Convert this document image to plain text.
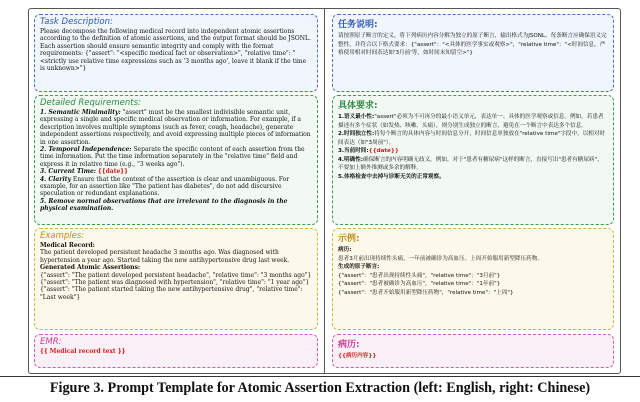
Task Description:

Please decompose the following medical record into independent atomic assertions according to the definition of atomic assertions, and the output format should be JSONL. Each assertion should ensure semantic integrity and comply with the format requirements: {"assert": "<specific medical fact or observation>", "relative time": "<strictly use relative time expressions such as '3 months ago', leave it blank if the time is unknown>"}

Detailed Requirements:

1. Semantic Minimality: "assert" must be the smallest indivisible semantic unit, expressing a single and specific medical observation or information. For example, if a description involves multiple symptoms (such as fever, cough, headache), generate independent assertions respectively, and avoid expressing multiple pieces of information in one assertion.

2. Temporal Independence: Separate the specific content of each assertion from the time information. Put the time information separately in the "relative time" field and express it in relative time (e.g., "3 weeks ago").

3. Current Time: {{date}}

4. Clarity Ensure that the content of the assertion is clear and unambiguous. For example, for an assertion like "The patient has diabetes", do not add discursive speculation or redundant explanations.

5. Remove normal observations that are irrelevant to the diagnosis in the physical examination.

Examples:

Medical Record:

The patient developed persistent headache 3 months ago. Was diagnosed with hypertension a year ago. Started taking the new antihypertensive drug last week.

Generated Atomic Assertions:

{"assert": "The patient developed persistent headache", "relative time": "3 months ago"}

{"assert": "The patient was diagnosed with hypertension", "relative time": "1 year ago"}

{"assert": "The patient started taking the new antihypertensive drug", "relative time": "Last week"}

EMR:

{{ Medical record text }}

任务说明:

请按照原子断言的定义，将下列病历内容分解为独立的原子断言，输出格式为JSONL。每条断言应确保语义完整性，并符合以下格式要求：{"assert"："<具体的医学事实或观察>"，"relative time"："<时间信息，严格使用相对时间表达如'3月前'等，如时间未知留空>"}

具体要求:

1.语义最小性:"assert"必须为不可再分的最小语义单元，表达单一、具体的医学观察或信息。例如，若患者描述有多个症状（如发热、咳嗽、头痛），则分别生成独立的断言，避免在一个断言中表达多个信息。

2.时间独立性:将每个断言的具体内容与时间信息分开，时间信息单独放在"relative time"字段中，以相对时间表达（如"3周前"）。

3.当前时间:{{date}}

4.明确性:确保断言的内容明确无歧义。例如，对于"患者有糖尿病"这样的断言，直接写出"患者有糖尿病"，不要加上额外推测或多余的解释。

5.体格检查中去掉与诊断无关的正常观察。

示例:

病历:

患者3月前出现持续性头痛，一年前被确诊为高血压。上周开始服用新型降压药物。

生成的原子断言:

{"assert"："患者出现持续性头痛"，"relative time"："3月前"}

{"assert"："患者被确诊为高血压"，"relative time"："1年前"}

{"assert"："患者开始服用新型降压药物"，"relative time"："上周"}

病历:

{{病历内容}}

Figure 3. Prompt Template for Atomic Assertion Extraction (left: English, right: Chinese)
